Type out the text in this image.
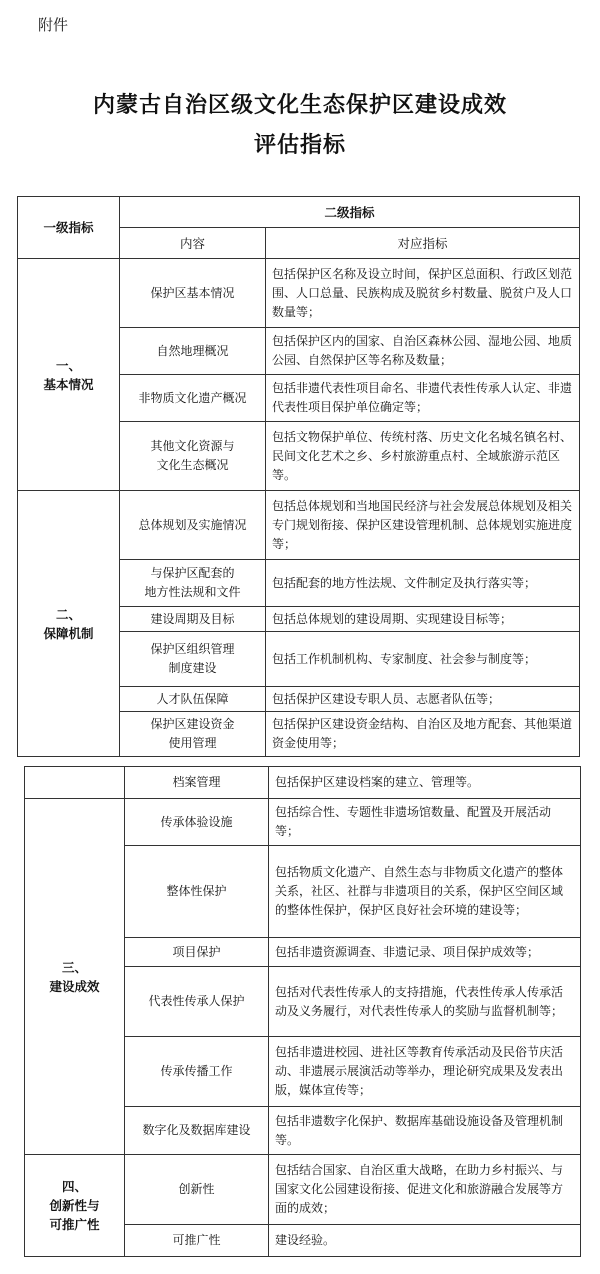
附件
内蒙古自治区级文化生态保护区建设成效
评估指标
一级指标	二级指标	
	内容	对应指标
一、
基本情况	保护区基本情况	包括保护区名称及设立时间，保护区总面积、行政区划范围、人口总量、民族构成及脱贫乡村数量、脱贫户及人口数量等；
	自然地理概况	包括保护区内的国家、自治区森林公园、湿地公园、地质公园、自然保护区等名称及数量；
	非物质文化遗产概况	包括非遗代表性项目命名、非遗代表性传承人认定、非遗代表性项目保护单位确定等；
	其他文化资源与
文化生态概况	包括文物保护单位、传统村落、历史文化名城名镇名村、民间文化艺术之乡、乡村旅游重点村、全域旅游示范区等。
二、
保障机制	总体规划及实施情况	包括总体规划和当地国民经济与社会发展总体规划及相关专门规划衔接、保护区建设管理机制、总体规划实施进度等；
	与保护区配套的
地方性法规和文件	包括配套的地方性法规、文件制定及执行落实等；
	建设周期及目标	包括总体规划的建设周期、实现建设目标等；
	保护区组织管理
制度建设	包括工作机制机构、专家制度、社会参与制度等；
	人才队伍保障	包括保护区建设专职人员、志愿者队伍等；
	保护区建设资金
使用管理	包括保护区建设资金结构、自治区及地方配套、其他渠道资金使用等；
	档案管理	包括保护区建设档案的建立、管理等。
三、
建设成效	传承体验设施	包括综合性、专题性非遗场馆数量、配置及开展活动等；
	整体性保护	包括物质文化遗产、自然生态与非物质文化遗产的整体关系，社区、社群与非遗项目的关系，保护区空间区域的整体性保护，保护区良好社会环境的建设等；
	项目保护	包括非遗资源调查、非遗记录、项目保护成效等；
	代表性传承人保护	包括对代表性传承人的支持措施，代表性传承人传承活动及义务履行，对代表性传承人的奖励与监督机制等；
	传承传播工作	包括非遗进校园、进社区等教育传承活动及民俗节庆活动、非遗展示展演活动等举办，理论研究成果及发表出版，媒体宣传等；
	数字化及数据库建设	包括非遗数字化保护、数据库基础设施设备及管理机制等。
四、
创新性与
可推广性	创新性	包括结合国家、自治区重大战略，在助力乡村振兴、与国家文化公园建设衔接、促进文化和旅游融合发展等方面的成效；
	可推广性	建设经验。
